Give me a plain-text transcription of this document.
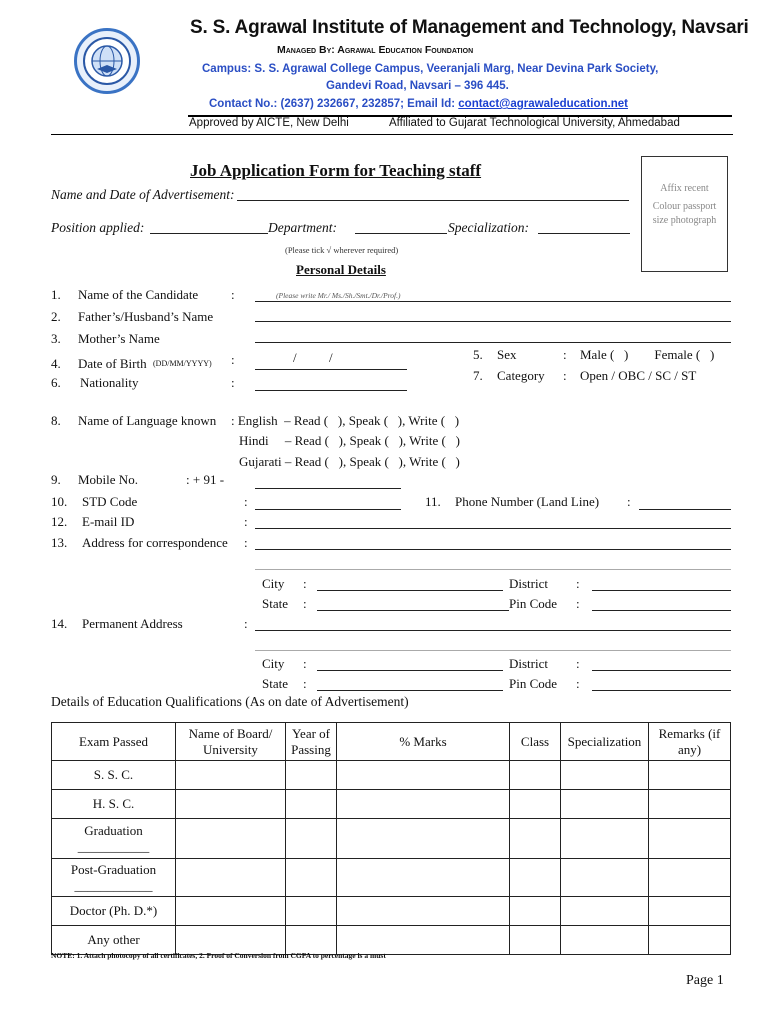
S. S. Agrawal Institute of Management and Technology, Navsari
Managed By: Agrawal Education Foundation
Campus: S. S. Agrawal College Campus, Veeranjali Marg, Near Devina Park Society,
Gandevi Road, Navsari – 396 445.
Contact No.: (2637) 232667, 232857; Email Id: contact@agrawaleducation.net
Approved by AICTE, New Delhi	Affiliated to Gujarat Technological University, Ahmedabad
Job Application Form for Teaching staff
Affix recent
Colour passport size photograph
Name and Date of Advertisement:
Position applied:	Department:	Specialization:
(Please tick √ wherever required)
Personal Details
1. Name of the Candidate	:	(Please write Mr./ Ms./Sh./Smt./Dr./Prof.)
2. Father’s/Husband’s Name
3. Mother’s Name
4. Date of Birth (DD/MM/YYYY) :	/ /	5. Sex	: Male (   )        Female (   )
6. Nationality	:	7. Category : Open / OBC / SC / ST
8. Name of Language known : English  – Read (   ), Speak (   ), Write (   )
Hindi     – Read (   ), Speak (   ), Write (   )
Gujarati – Read (   ), Speak (   ), Write (   )
9. Mobile No.	: + 91 -
10. STD Code	:	11. Phone Number (Land Line) :
12. E-mail ID	:
13. Address for correspondence :
City :	District :
State :	Pin Code :
14. Permanent Address	:
City :	District :
State :	Pin Code :
Details of Education Qualifications (As on date of Advertisement)
Exam Passed	Name of Board/ University	Year of Passing	% Marks	Class	Specialization	Remarks (if any)
S. S. C.						
H. S. C.						

Graduation
___________						

Post-Graduation
____________						

Doctor (Ph. D.*)						
Any other						
NOTE: 1. Attach photocopy of all certificates, 2. Proof of Conversion from CGPA to percentage is a must
Page 1
